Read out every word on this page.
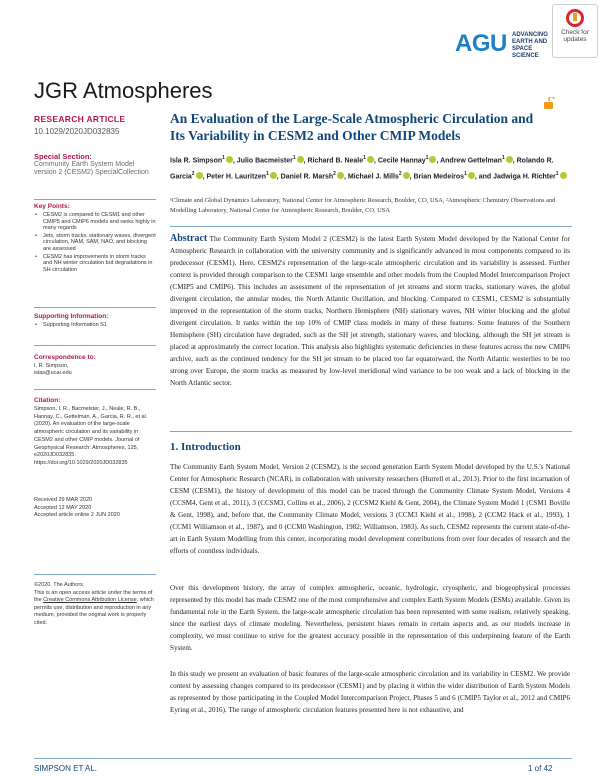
Check for updates
AGU ADVANCING EARTH AND SPACE SCIENCE
JGR Atmospheres
RESEARCH ARTICLE
10.1029/2020JD032835
Special Section:
Community Earth System Model version 2 (CESM2) SpecialCollection
Key Points:
• CESM2 is compared to CESM1 and other CMIP5 and CMIP6 models and ranks highly in many regards
• Jets, storm tracks, stationary waves, divergent circulation, NAM, SAM, NAO, and blocking are assessed
• CESM2 has improvements in storm tracks and NH winter circulation but degradations in SH circulation
Supporting Information:
• Supporting Information S1
Correspondence to:
I. R. Simpson,
islas@ucar.edu
Citation:
Simpson, I. R., Bacmeister, J., Neale, R. B., Hannay, C., Gettelman, A., Garcia, R. R., et al. (2020). An evaluation of the large-scale atmospheric circulation and its variability in CESM2 and other CMIP models. Journal of Geophysical Research: Atmospheres, 125, e2020JD032835. https://doi.org/10.1029/2020JD032835
Received 29 MAR 2020
Accepted 12 MAY 2020
Accepted article online 2 JUN 2020
©2020. The Authors.
This is an open access article under the terms of the Creative Commons Attribution License, which permits use, distribution and reproduction in any medium, provided the original work is properly cited.
An Evaluation of the Large-Scale Atmospheric Circulation and Its Variability in CESM2 and Other CMIP Models
Isla R. Simpson$^1$ , Julio Bacmeister$^1$ , Richard B. Neale$^1$ , Cecile Hannay$^1$ , Andrew Gettelman$^1$ , Rolando R. Garcia$^2$ , Peter H. Lauritzen$^1$ , Daniel R. Marsh$^2$ , Michael J. Mills$^2$ , Brian Medeiros$^1$ , and Jadwiga H. Richter$^1$
¹Climate and Global Dynamics Laboratory, National Center for Atmospheric Research, Boulder, CO, USA, ²Atmospheric Chemistry Observations and Modelling Laboratory, National Center for Atmospheric Research, Boulder, CO, USA
Abstract The Community Earth System Model 2 (CESM2) is the latest Earth System Model developed by the National Center for Atmospheric Research in collaboration with the university community and is significantly advanced in most components compared to its predecessor (CESM1). Here, CESM2's representation of the large-scale atmospheric circulation and its variability is assessed. Further context is provided through comparison to the CESM1 large ensemble and other models from the Coupled Model Intercomparison Project (CMIP5 and CMIP6). This includes an assessment of the representation of jet streams and storm tracks, stationary waves, the global divergent circulation, the annular modes, the North Atlantic Oscillation, and blocking. Compared to CESM1, CESM2 is substantially improved in the representation of the storm tracks, Northern Hemisphere (NH) stationary waves, NH winter blocking and the global divergent circulation. It ranks within the top 10% of CMIP class models in many of these features. Some features of the Southern Hemisphere (SH) circulation have degraded, such as the SH jet strength, stationary waves, and blocking, although the SH jet stream is placed at approximately the correct location. This analysis also highlights systematic deficiencies in these features across the new CMIP6 archive, such as the continued tendency for the SH jet stream to be placed too far equatorward, the North Atlantic westerlies to be too strong over Europe, the storm tracks as measured by low-level meridional wind variance to be too weak and a lack of blocking in the North Atlantic sector.
1. Introduction

The Community Earth System Model, Version 2 (CESM2), is the second generation Earth System Model developed by the U.S.'s National Center for Atmospheric Research (NCAR), in collaboration with university researchers (Hurrell et al., 2013). Prior to the first incarnation of CESM (CESM1), the history of development of this model can be traced through the Community Climate System Model, Versions 4 (CCSM4, Gent et al., 2011), 3 (CCSM3, Collins et al., 2006), 2 (CCSM2 Kiehl & Gent, 2004), the Climate System Model 1 (CSM1 Boville & Gent, 1998), and, before that, the Community Climate Model, versions 3 (CCM3 Kiehl et al., 1998), 2 (CCM2 Hack et al., 1993), 1 (CCM1 Williamson et al., 1987), and 0 (CCM0 Washington, 1982; Williamson, 1983). As such, CESM2 represents the current state-of-the-art in Earth System Modelling from this center, incorporating model development contributions from over four decades of research and the efforts of countless individuals.

Over this development history, the array of complex atmospheric, oceanic, hydrologic, cryospheric, and biogeophysical processes represented by this model has made CESM2 one of the most comprehensive and complex Earth System Models (ESMs) available. Given its fundamental role in the Earth System, the large-scale atmospheric circulation has been represented with some realism, relatively speaking, since the earliest days of climate modeling. Nevertheless, persistent biases remain in certain aspects and, as our models increase in complexity, we must continue to strive for the greatest accuracy possible in the representation of this underpinning feature of the Earth System.

In this study we present an evaluation of basic features of the large-scale atmospheric circulation and its variability in CESM2. We provide context by assessing changes compared to its predecessor (CESM1) and by placing it within the wider distribution of Earth System Models as represented by those participating in the Coupled Model Intercomparison Project, Phases 5 and 6 (CMIP5 Taylor et al., 2012 and CMIP6 Eyring et al., 2016). The range of atmospheric circulation features presented here is not exhaustive, and

SIMPSON ET AL.	1 of 42
